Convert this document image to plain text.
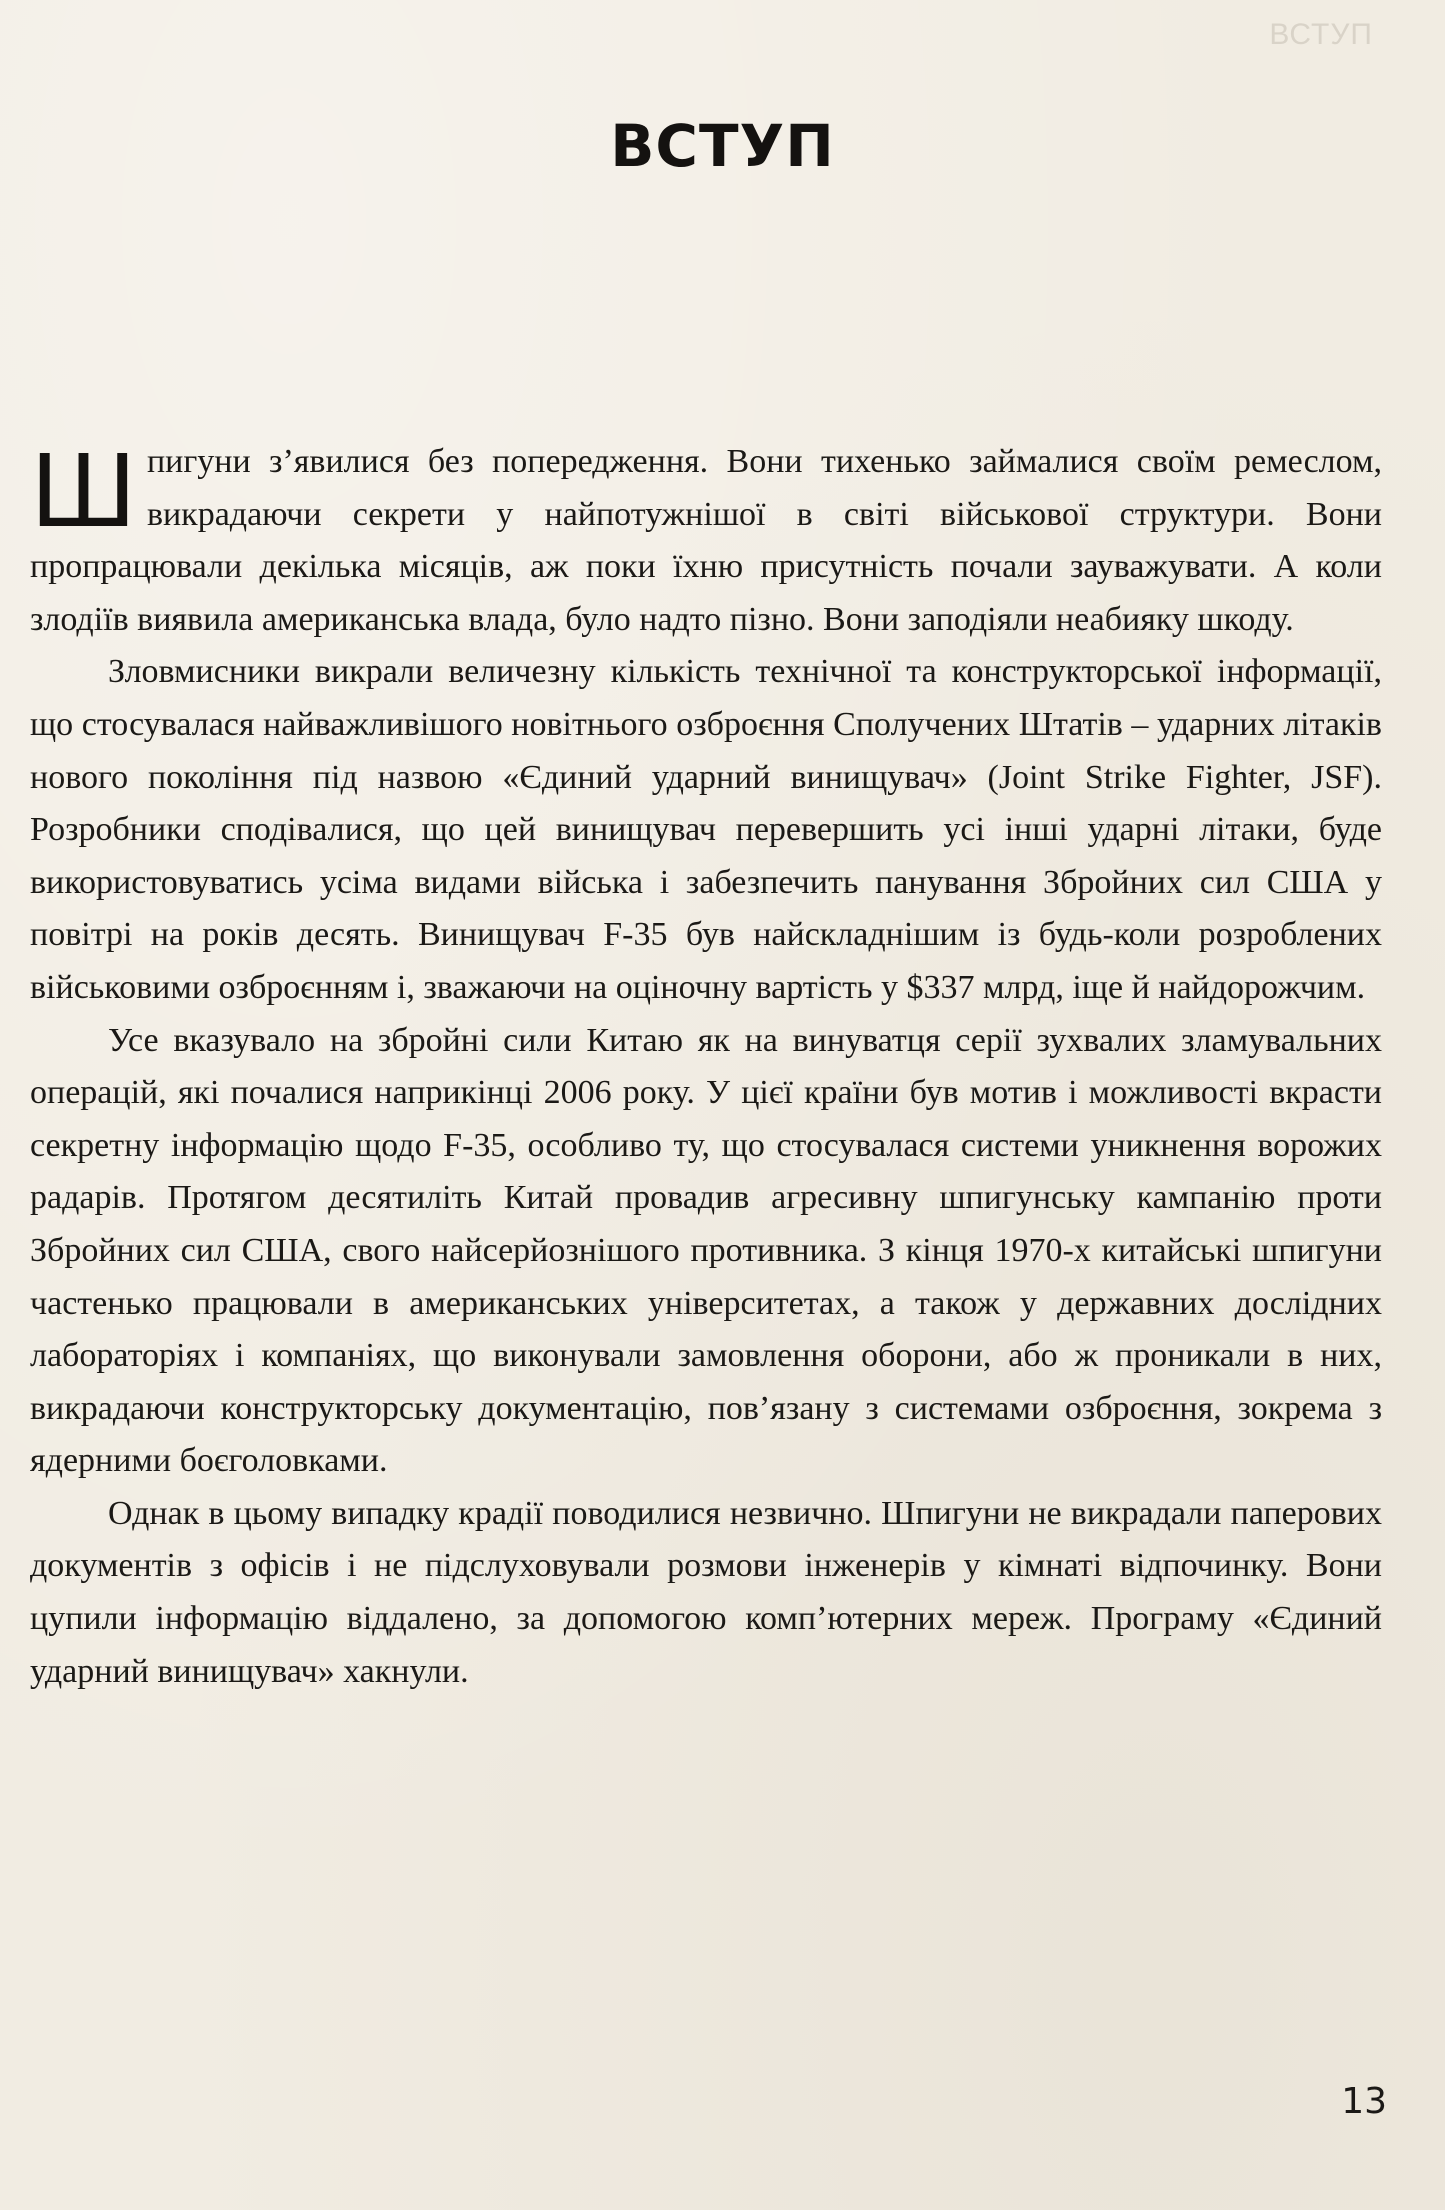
ВСТУП
ВСТУП

Шпигуни з’явилися без попередження. Вони тихенько займалися своїм ремеслом, викрадаючи секрети у найпотужнішої в світі військової структури. Вони пропрацювали декілька місяців, аж поки їхню присутність почали зауважувати. А коли злодіїв виявила американська влада, було надто пізно. Вони заподіяли неабияку шкоду.

Зловмисники викрали величезну кількість технічної та конструкторської інформації, що стосувалася найважливішого новітнього озброєння Сполучених Штатів – ударних літаків нового покоління під назвою «Єдиний ударний винищувач» (Joint Strike Fighter, JSF). Розробники сподівалися, що цей винищувач перевершить усі інші ударні літаки, буде використовуватись усіма видами війська і забезпечить панування Збройних сил США у повітрі на років десять. Винищувач F-35 був найскладнішим із будь-коли розроблених військовими озброєнням і, зважаючи на оціночну вартість у $337 млрд, іще й найдорожчим.

Усе вказувало на збройні сили Китаю як на винуватця серії зухвалих зламувальних операцій, які почалися наприкінці 2006 року. У цієї країни був мотив і можливості вкрасти секретну інформацію щодо F-35, особливо ту, що стосувалася системи уникнення ворожих радарів. Протягом десятиліть Китай провадив агресивну шпигунську кампанію проти Збройних сил США, свого найсерйознішого противника. З кінця 1970-х китайські шпигуни частенько працювали в американських університетах, а також у державних дослідних лабораторіях і компаніях, що виконували замовлення оборони, або ж проникали в них, викрадаючи конструкторську документацію, пов’язану з системами озброєння, зокрема з ядерними боєголовками.

Однак в цьому випадку крадії поводилися незвично. Шпигуни не викрадали паперових документів з офісів і не підслуховували розмови інженерів у кімнаті відпочинку. Вони цупили інформацію віддалено, за допомогою комп’ютерних мереж. Програму «Єдиний ударний винищувач» хакнули.

13
